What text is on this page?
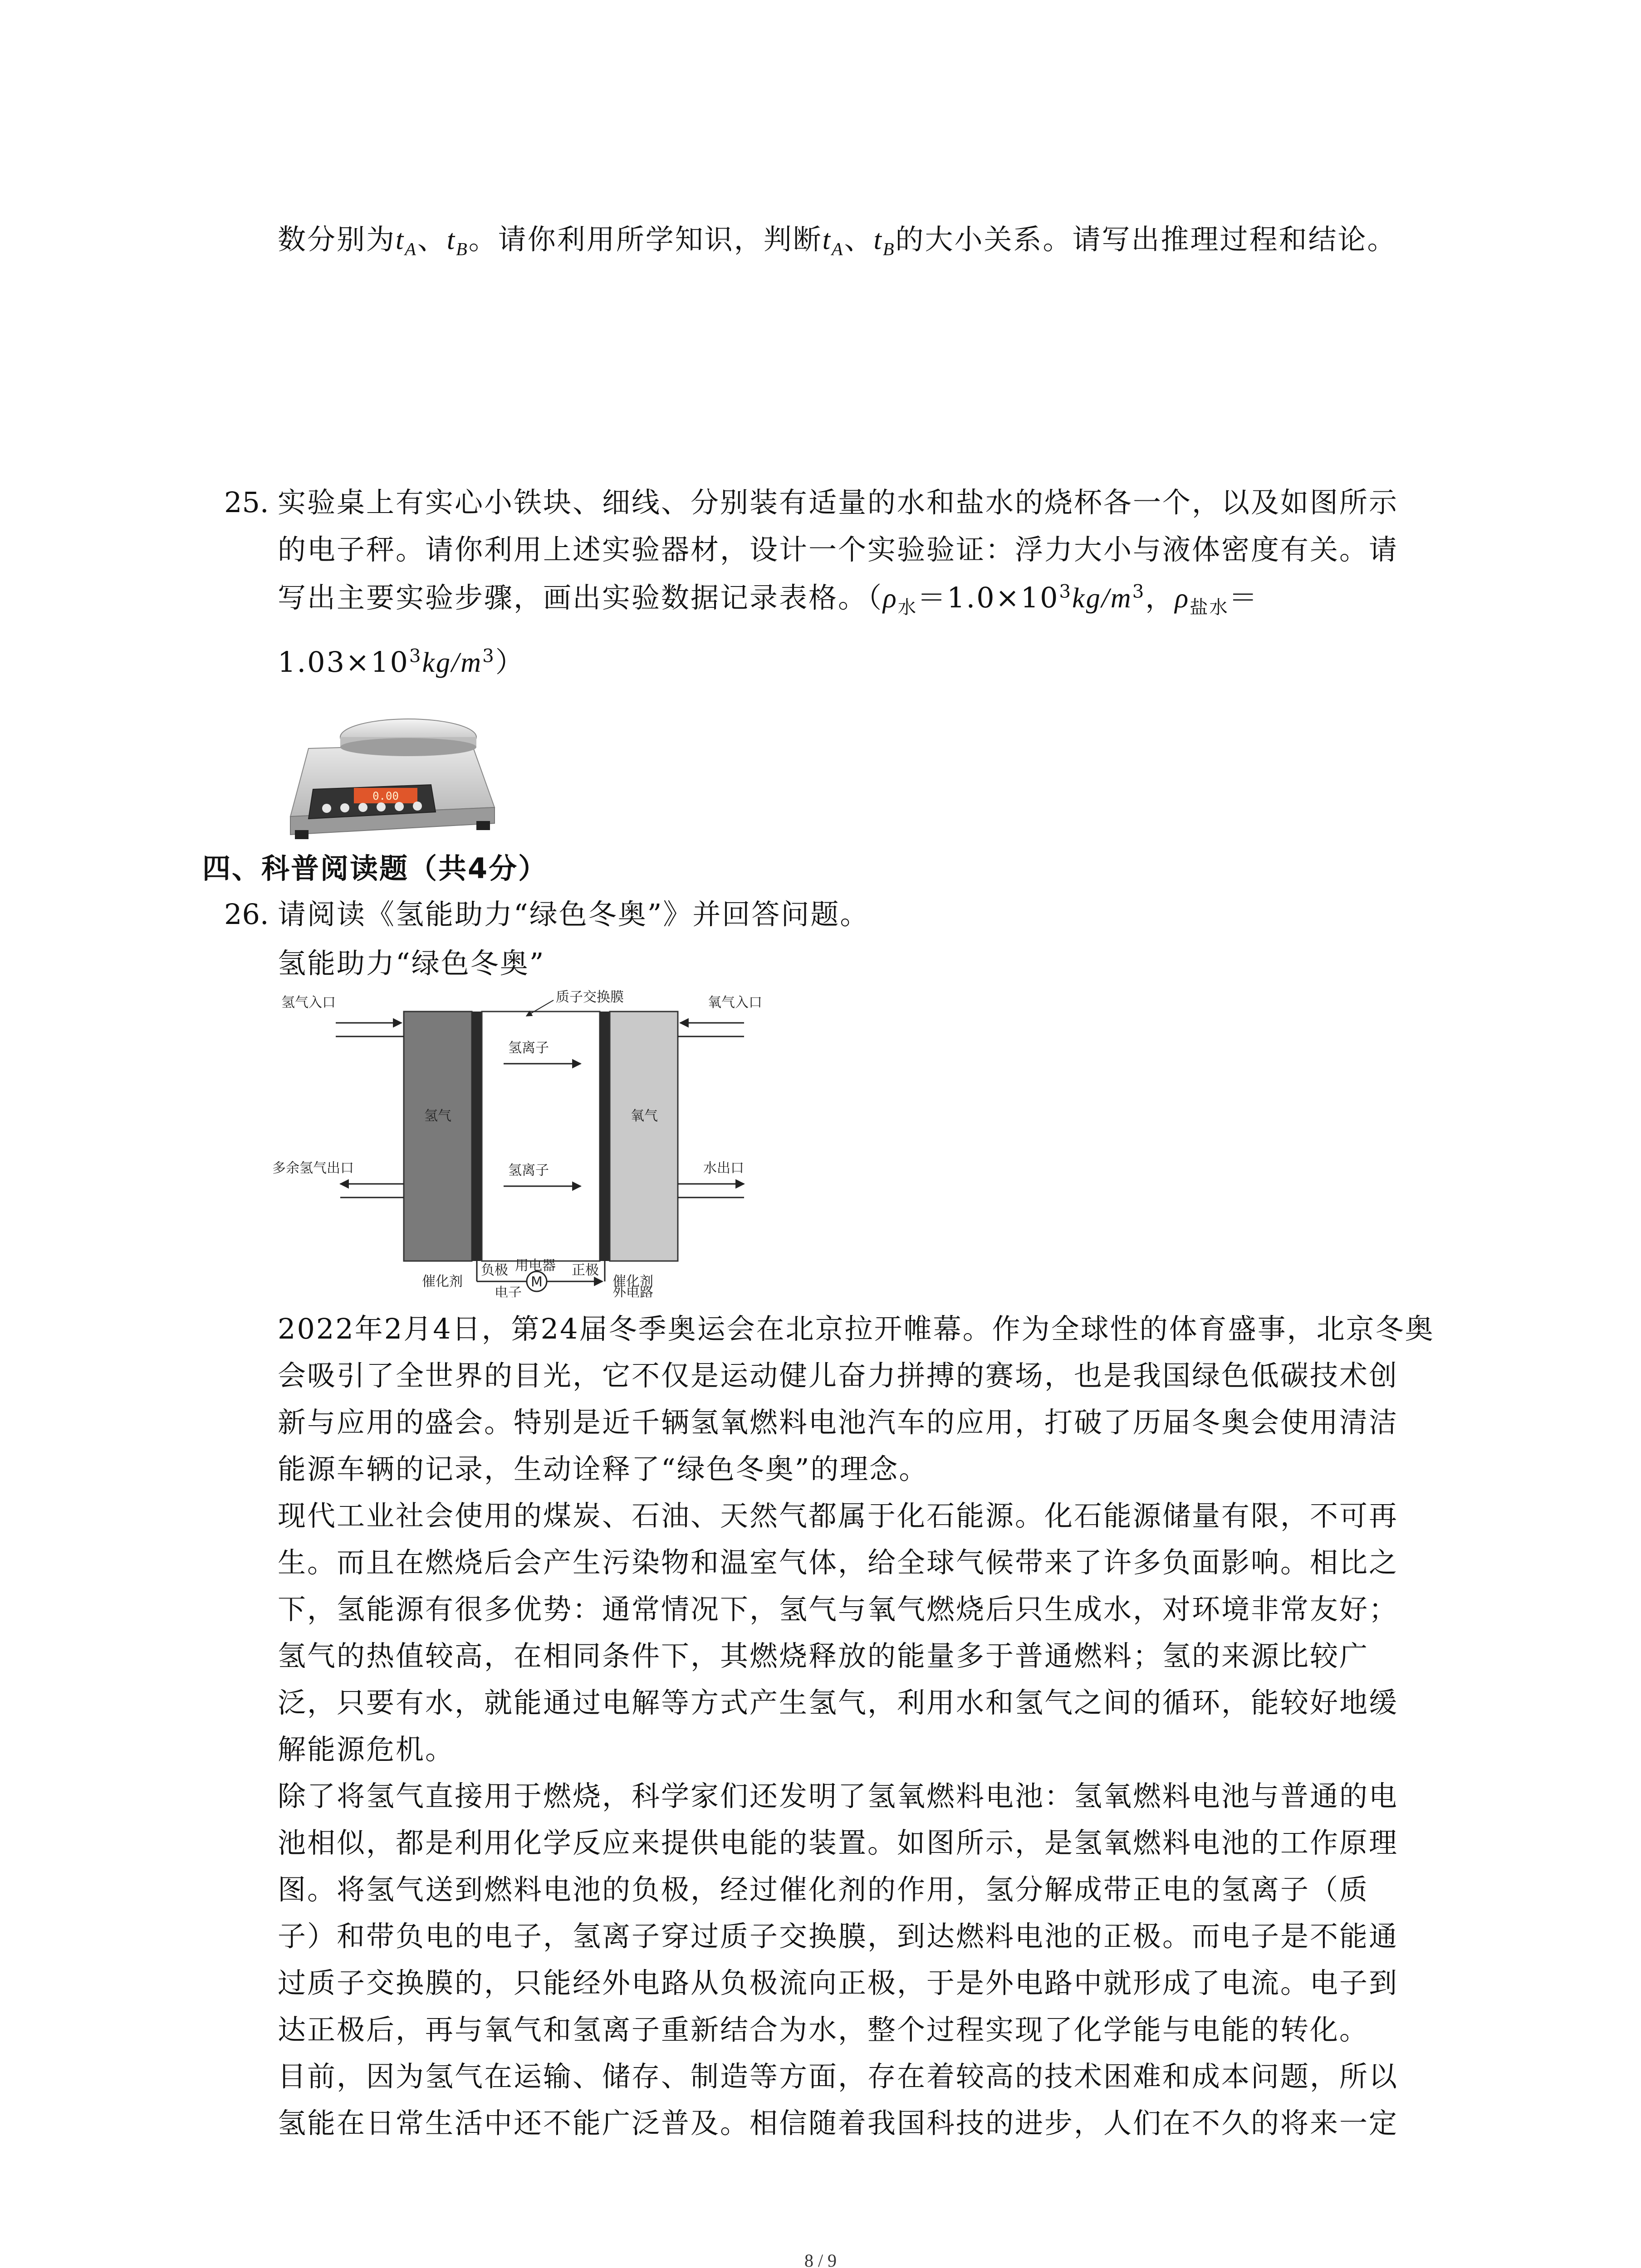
数分别为$t_A$、$t_B$。请你利用所学知识，判断$t_A$、$t_B$的大小关系。请写出推理过程和结论。

25. 实验桌上有实心小铁块、细线、分别装有适量的水和盐水的烧杯各一个，以及如图所示

的电子秤。请你利用上述实验器材，设计一个实验验证：浮力大小与液体密度有关。请

写出主要实验步骤，画出实验数据记录表格。（$\rho_水=1.0\times 10^3kg/m^3$，$\rho_{盐水}=$

$1.03\times 10^3kg/m^3$）

0.00
四、科普阅读题（共4分）
26. 请阅读《氢能助力“绿色冬奥”》并回答问题。

氢能助力“绿色冬奥”

氢气	氧气
质子交换膜
氢离子
氢离子
氢气入口	氧气入口
多余氢气出口	水出口
M
负极	正极
催化剂	催化剂
用电器
电子	外电路

2022年2月4日，第24届冬季奥运会在北京拉开帷幕。作为全球性的体育盛事，北京冬奥

会吸引了全世界的目光，它不仅是运动健儿奋力拼搏的赛场，也是我国绿色低碳技术创

新与应用的盛会。特别是近千辆氢氧燃料电池汽车的应用，打破了历届冬奥会使用清洁

能源车辆的记录，生动诠释了“绿色冬奥”的理念。

现代工业社会使用的煤炭、石油、天然气都属于化石能源。化石能源储量有限，不可再

生。而且在燃烧后会产生污染物和温室气体，给全球气候带来了许多负面影响。相比之

下，氢能源有很多优势：通常情况下，氢气与氧气燃烧后只生成水，对环境非常友好；

氢气的热值较高，在相同条件下，其燃烧释放的能量多于普通燃料；氢的来源比较广

泛，只要有水，就能通过电解等方式产生氢气，利用水和氢气之间的循环，能较好地缓

解能源危机。

除了将氢气直接用于燃烧，科学家们还发明了氢氧燃料电池：氢氧燃料电池与普通的电

池相似，都是利用化学反应来提供电能的装置。如图所示，是氢氧燃料电池的工作原理

图。将氢气送到燃料电池的负极，经过催化剂的作用，氢分解成带正电的氢离子（质

子）和带负电的电子，氢离子穿过质子交换膜，到达燃料电池的正极。而电子是不能通

过质子交换膜的，只能经外电路从负极流向正极，于是外电路中就形成了电流。电子到

达正极后，再与氧气和氢离子重新结合为水，整个过程实现了化学能与电能的转化。

目前，因为氢气在运输、储存、制造等方面，存在着较高的技术困难和成本问题，所以

氢能在日常生活中还不能广泛普及。相信随着我国科技的进步，人们在不久的将来一定

8 / 9
